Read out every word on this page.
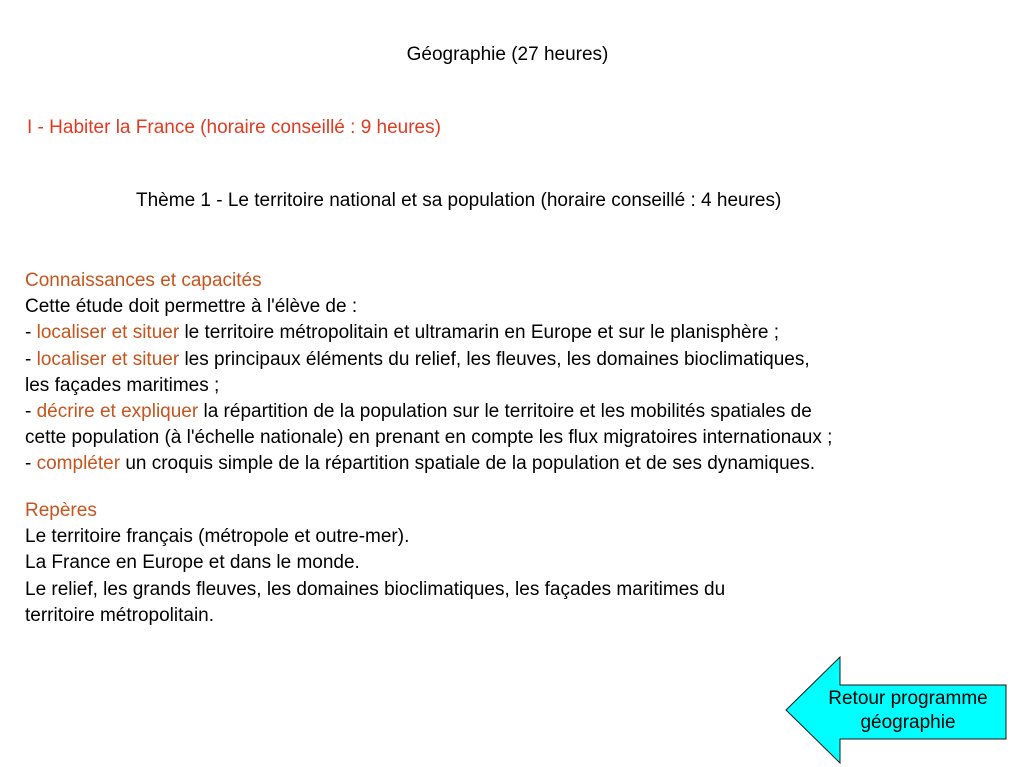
Géographie (27 heures)
I - Habiter la France (horaire conseillé : 9 heures)
Thème 1 - Le territoire national et sa population (horaire conseillé : 4 heures)
Connaissances et capacités
Cette étude doit permettre à l'élève de :
- localiser et situer le territoire métropolitain et ultramarin en Europe et sur le planisphère ;
- localiser et situer les principaux éléments du relief, les fleuves, les domaines bioclimatiques,
les façades maritimes ;
- décrire et expliquer la répartition de la population sur le territoire et les mobilités spatiales de
cette population (à l'échelle nationale) en prenant en compte les flux migratoires internationaux ;
- compléter un croquis simple de la répartition spatiale de la population et de ses dynamiques.
Repères
Le territoire français (métropole et outre-mer).
La France en Europe et dans le monde.
Le relief, les grands fleuves, les domaines bioclimatiques, les façades maritimes du
territoire métropolitain.
Retour programme
géographie
